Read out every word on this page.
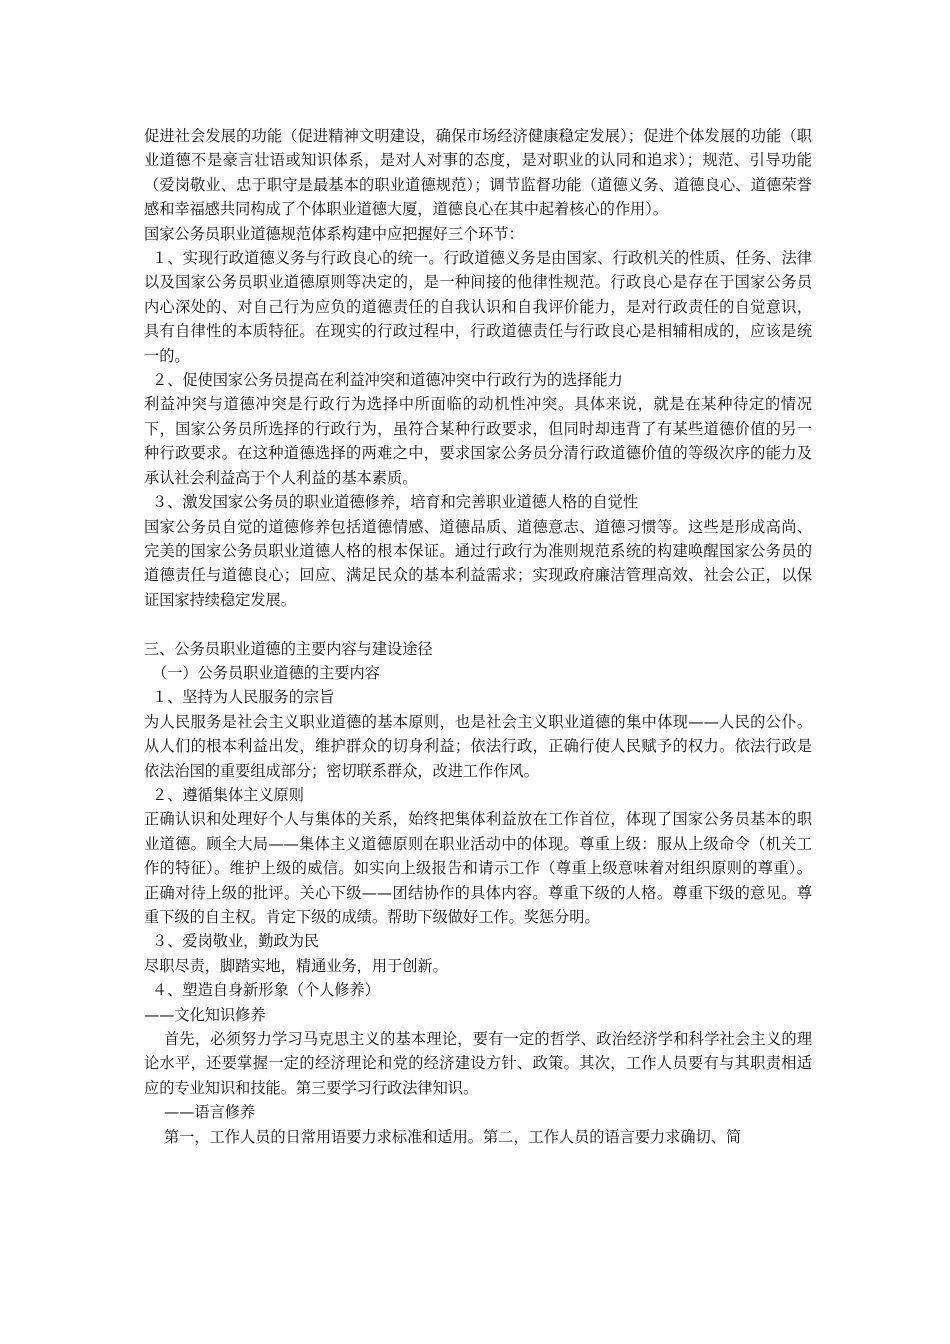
促进社会发展的功能（促进精神文明建设，确保市场经济健康稳定发展）；促进个体发展的功能（职业道德不是豪言壮语或知识体系，是对人对事的态度，是对职业的认同和追求）；规范、引导功能（爱岗敬业、忠于职守是最基本的职业道德规范）；调节监督功能（道德义务、道德良心、道德荣誉感和幸福感共同构成了个体职业道德大厦，道德良心在其中起着核心的作用）。

国家公务员职业道德规范体系构建中应把握好三个环节：

１、实现行政道德义务与行政良心的统一。行政道德义务是由国家、行政机关的性质、任务、法律以及国家公务员职业道德原则等决定的，是一种间接的他律性规范。行政良心是存在于国家公务员内心深处的、对自己行为应负的道德责任的自我认识和自我评价能力，是对行政责任的自觉意识，具有自律性的本质特征。在现实的行政过程中，行政道德责任与行政良心是相辅相成的，应该是统一的。

２、促使国家公务员提高在利益冲突和道德冲突中行政行为的选择能力

利益冲突与道德冲突是行政行为选择中所面临的动机性冲突。具体来说，就是在某种待定的情况下，国家公务员所选择的行政行为，虽符合某种行政要求，但同时却违背了有某些道德价值的另一种行政要求。在这种道德选择的两难之中，要求国家公务员分清行政道德价值的等级次序的能力及承认社会利益高于个人利益的基本素质。

３、激发国家公务员的职业道德修养，培育和完善职业道德人格的自觉性

国家公务员自觉的道德修养包括道德情感、道德品质、道德意志、道德习惯等。这些是形成高尚、完美的国家公务员职业道德人格的根本保证。通过行政行为准则规范系统的构建唤醒国家公务员的道德责任与道德良心；回应、满足民众的基本利益需求；实现政府廉洁管理高效、社会公正，以保证国家持续稳定发展。

三、公务员职业道德的主要内容与建设途径

（一）公务员职业道德的主要内容

１、坚持为人民服务的宗旨

为人民服务是社会主义职业道德的基本原则，也是社会主义职业道德的集中体现——人民的公仆。从人们的根本利益出发，维护群众的切身利益；依法行政，正确行使人民赋予的权力。依法行政是依法治国的重要组成部分；密切联系群众，改进工作作风。

２、遵循集体主义原则

正确认识和处理好个人与集体的关系，始终把集体利益放在工作首位，体现了国家公务员基本的职业道德。顾全大局——集体主义道德原则在职业活动中的体现。尊重上级：服从上级命令（机关工作的特征）。维护上级的威信。如实向上级报告和请示工作（尊重上级意味着对组织原则的尊重）。正确对待上级的批评。关心下级——团结协作的具体内容。尊重下级的人格。尊重下级的意见。尊重下级的自主权。肯定下级的成绩。帮助下级做好工作。奖惩分明。

３、爱岗敬业，勤政为民

尽职尽责，脚踏实地，精通业务，用于创新。

４、塑造自身新形象（个人修养）

——文化知识修养

首先，必须努力学习马克思主义的基本理论，要有一定的哲学、政治经济学和科学社会主义的理论水平，还要掌握一定的经济理论和党的经济建设方针、政策。其次，工作人员要有与其职责相适应的专业知识和技能。第三要学习行政法律知识。

——语言修养

第一，工作人员的日常用语要力求标准和适用。第二，工作人员的语言要力求确切、简
